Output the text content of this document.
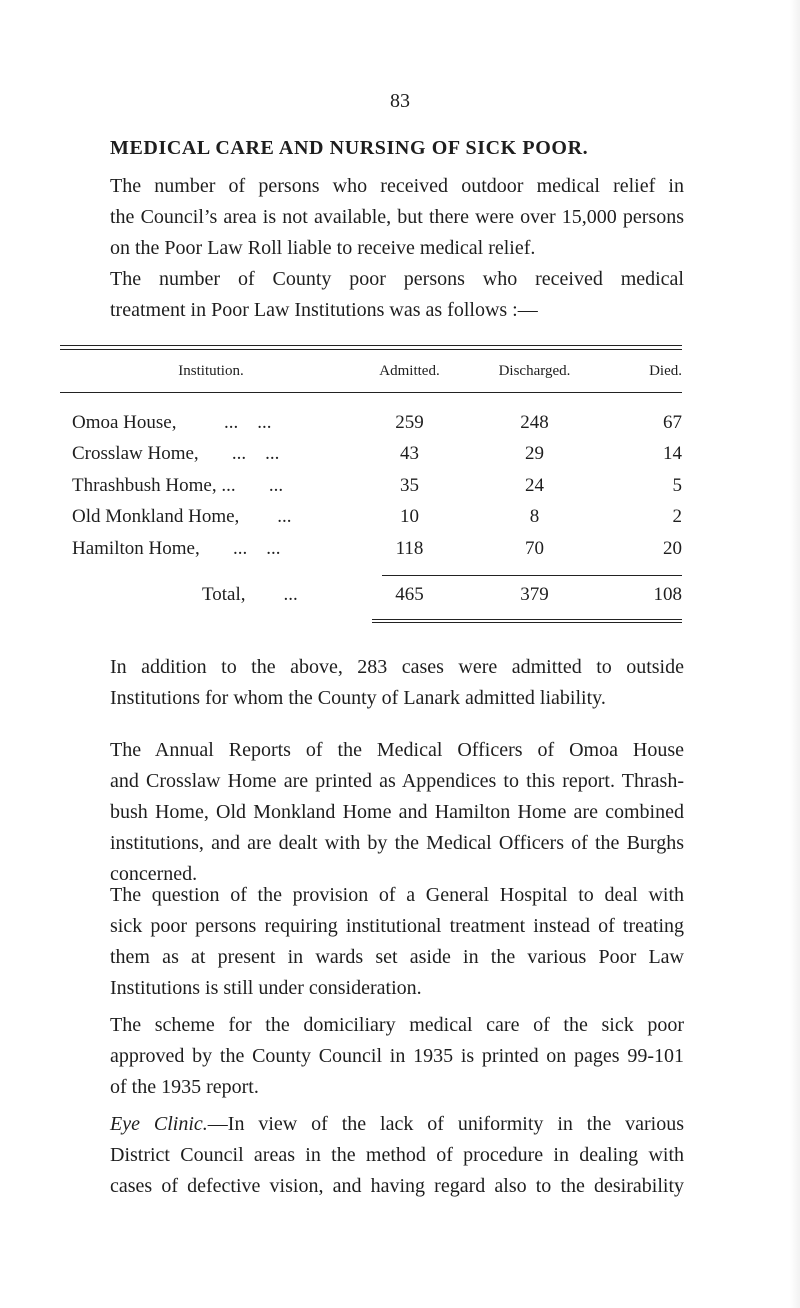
83
MEDICAL CARE AND NURSING OF SICK POOR.
The number of persons who received outdoor medical relief in
the Council’s area is not available, but there were over 15,000 persons
on the Poor Law Roll liable to receive medical relief.
The number of County poor persons who received medical
treatment in Poor Law Institutions was as follows :—
Institution.	Admitted.	Discharged.	Died.
Omoa House,          ...    ...	259	248	67
Crosslaw Home,       ...    ...	43	29	14
Thrashbush Home, ...       ...	35	24	5
Old Monkland Home,        ...	10	8	2
Hamilton Home,       ...    ...	118	70	20
Total,        ...	465	379	108
In addition to the above, 283 cases were admitted to outside
Institutions for whom the County of Lanark admitted liability.
The Annual Reports of the Medical Officers of Omoa House
and Crosslaw Home are printed as Appendices to this report. Thrash-
bush Home, Old Monkland Home and Hamilton Home are combined
institutions, and are dealt with by the Medical Officers of the Burghs
concerned.
The question of the provision of a General Hospital to deal with
sick poor persons requiring institutional treatment instead of treating
them as at present in wards set aside in the various Poor Law
Institutions is still under consideration.
The scheme for the domiciliary medical care of the sick poor
approved by the County Council in 1935 is printed on pages 99-101
of the 1935 report.
Eye Clinic.—In view of the lack of uniformity in the various
District Council areas in the method of procedure in dealing with
cases of defective vision, and having regard also to the desirability
